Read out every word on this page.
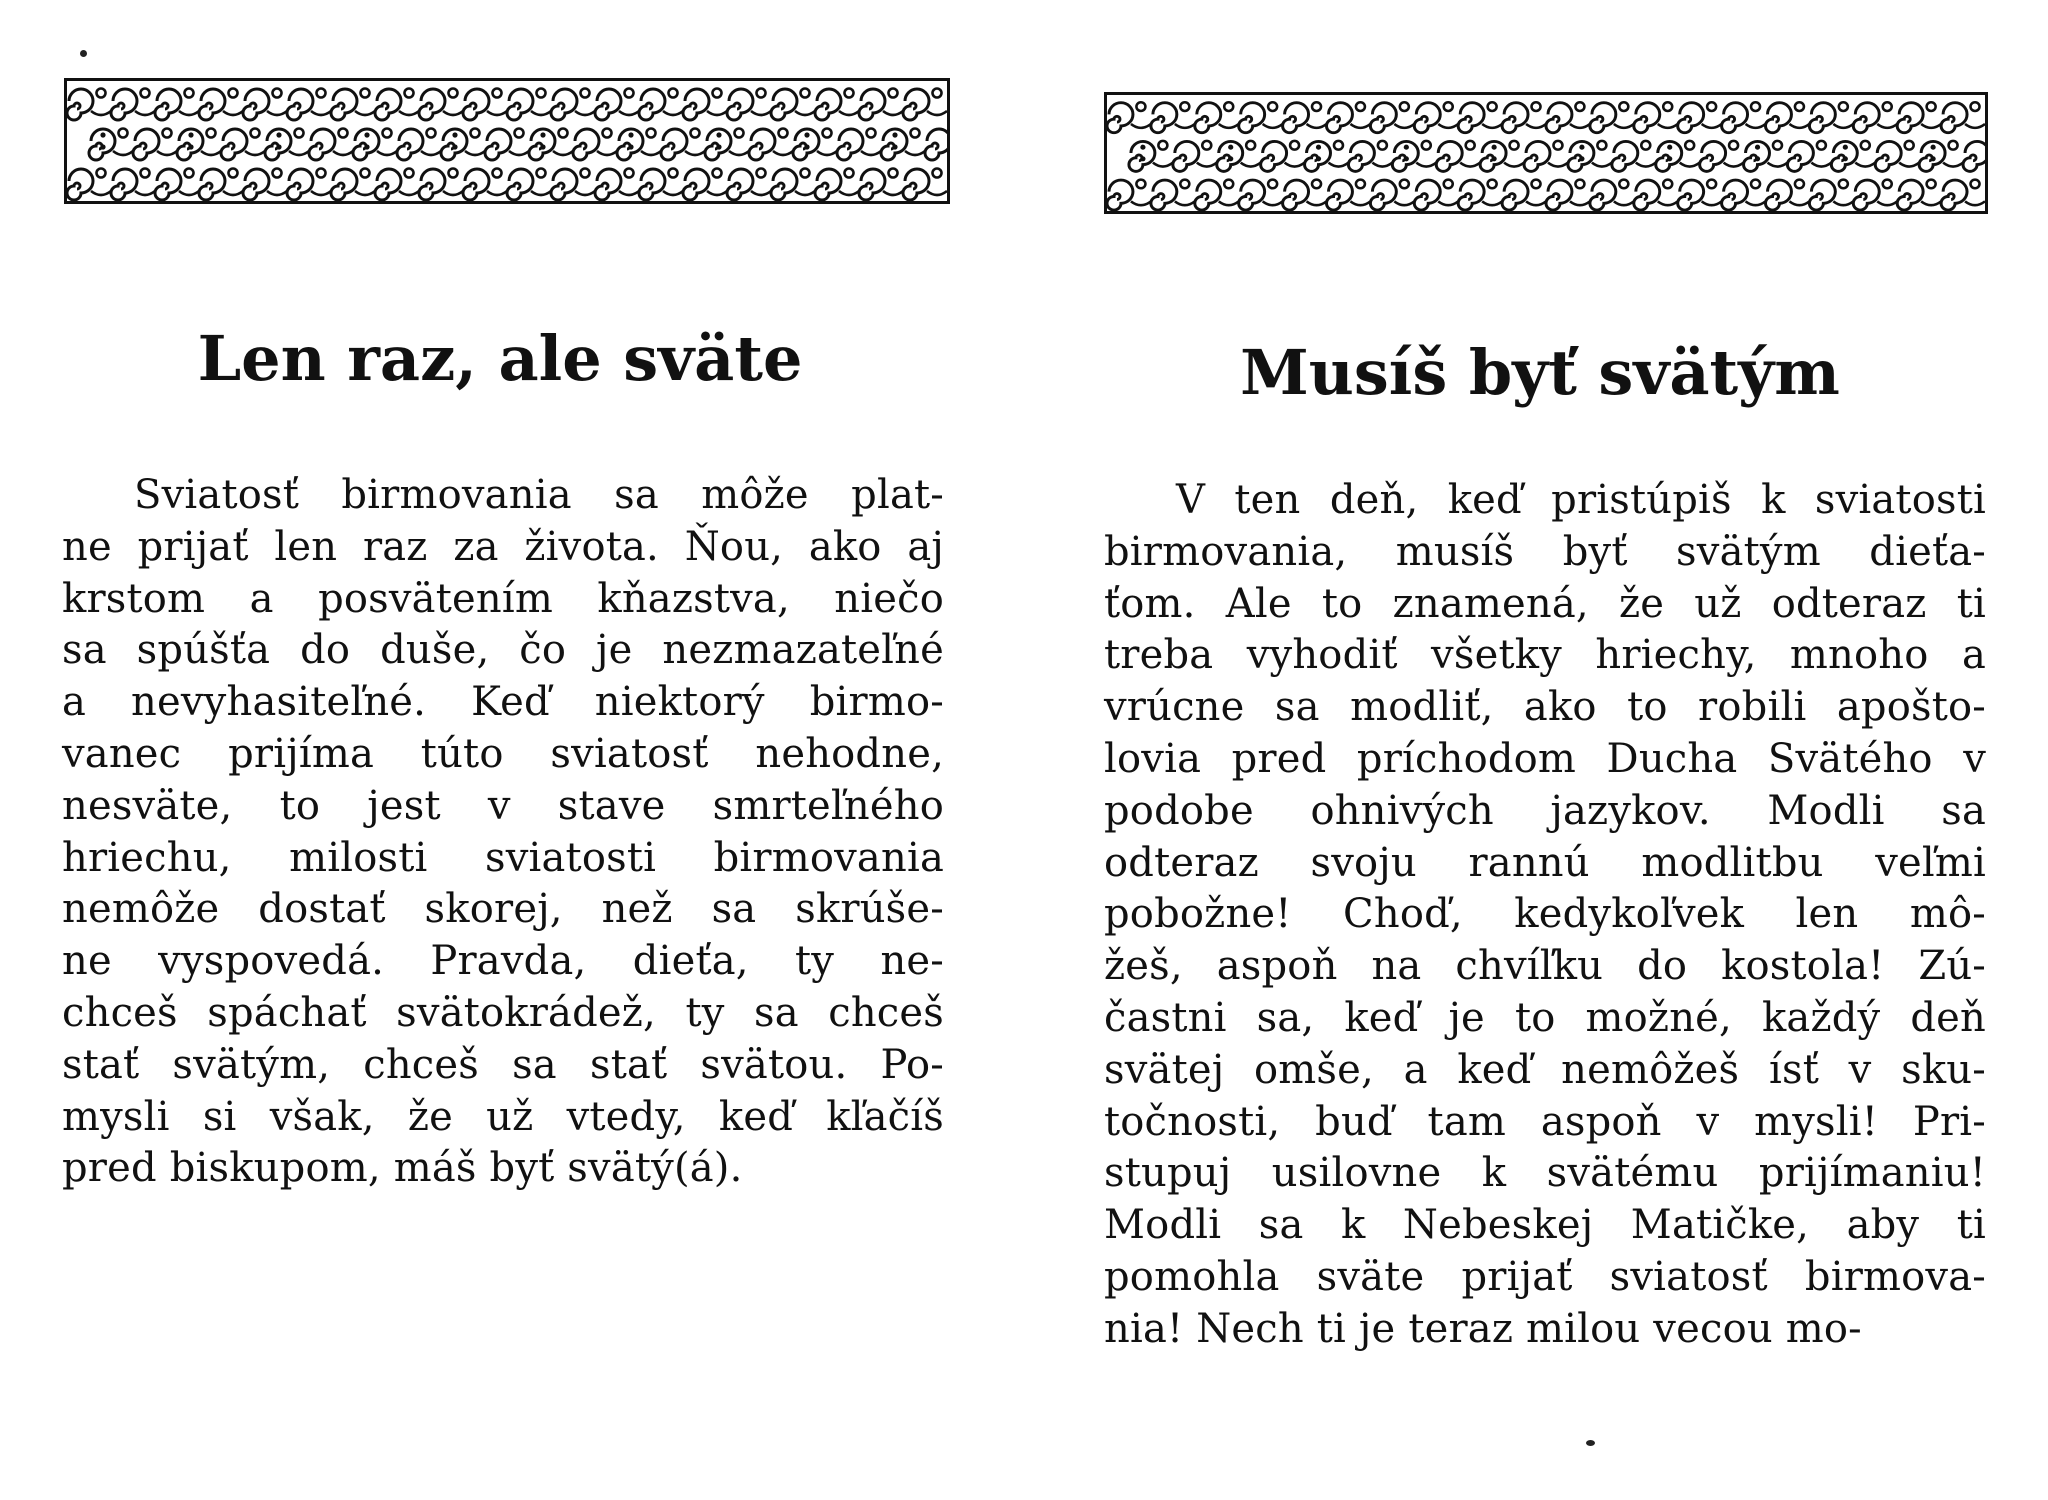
Len raz, ale sväte
Sviatosť birmovania sa môže plat-
ne prijať len raz za života. Ňou, ako aj
krstom a posvätením kňazstva, niečo
sa spúšťa do duše, čo je nezmazateľné
a nevyhasiteľné. Keď niektorý birmo-
vanec prijíma túto sviatosť nehodne,
nesväte, to jest v stave smrteľného
hriechu, milosti sviatosti birmovania
nemôže dostať skorej, než sa skrúše-
ne vyspovedá. Pravda, dieťa, ty ne-
chceš spáchať svätokrádež, ty sa chceš
stať svätým, chceš sa stať svätou. Po-
mysli si však, že už vtedy, keď kľačíš
pred biskupom, máš byť svätý(á).
Musíš byť svätým
V ten deň, keď pristúpiš k sviatosti
birmovania, musíš byť svätým dieťa-
ťom. Ale to znamená, že už odteraz ti
treba vyhodiť všetky hriechy, mnoho a
vrúcne sa modliť, ako to robili apošto-
lovia pred príchodom Ducha Svätého v
podobe ohnivých jazykov. Modli sa
odteraz svoju rannú modlitbu veľmi
pobožne! Choď, kedykoľvek len mô-
žeš, aspoň na chvíľku do kostola! Zú-
častni sa, keď je to možné, každý deň
svätej omše, a keď nemôžeš ísť v sku-
točnosti, buď tam aspoň v mysli! Pri-
stupuj usilovne k svätému prijímaniu!
Modli sa k Nebeskej Matičke, aby ti
pomohla sväte prijať sviatosť birmova-
nia! Nech ti je teraz milou vecou mo-
